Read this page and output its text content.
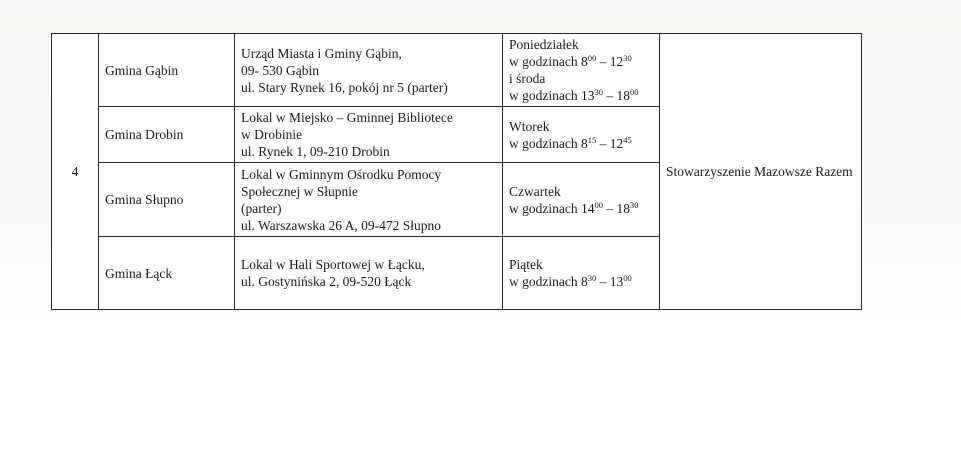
4	Gmina Gąbin	Urząd Miasta i Gminy Gąbin,
09- 530 Gąbin
ul. Stary Rynek 16, pokój nr 5 (parter)	Poniedziałek
w godzinach $8^{00} - 12^{30}$
i środa
w godzinach $13^{30} - 18^{00}$	Stowarzyszenie Mazowsze Razem
	Gmina Drobin	Lokal w Miejsko – Gminnej Bibliotece
w Drobinie
ul. Rynek 1, 09-210 Drobin	Wtorek
w godzinach $8^{15} - 12^{45}$

	Gmina Słupno	Lokal w Gminnym Ośrodku Pomocy
Społecznej w Słupnie
(parter)
ul. Warszawska 26 A, 09-472 Słupno	Czwartek
w godzinach $14^{00} - 18^{30}$

	Gmina Łąck	Lokal w Hali Sportowej w Łącku,
ul. Gostynińska 2, 09-520 Łąck	Piątek
w godzinach $8^{30} - 13^{00}$
